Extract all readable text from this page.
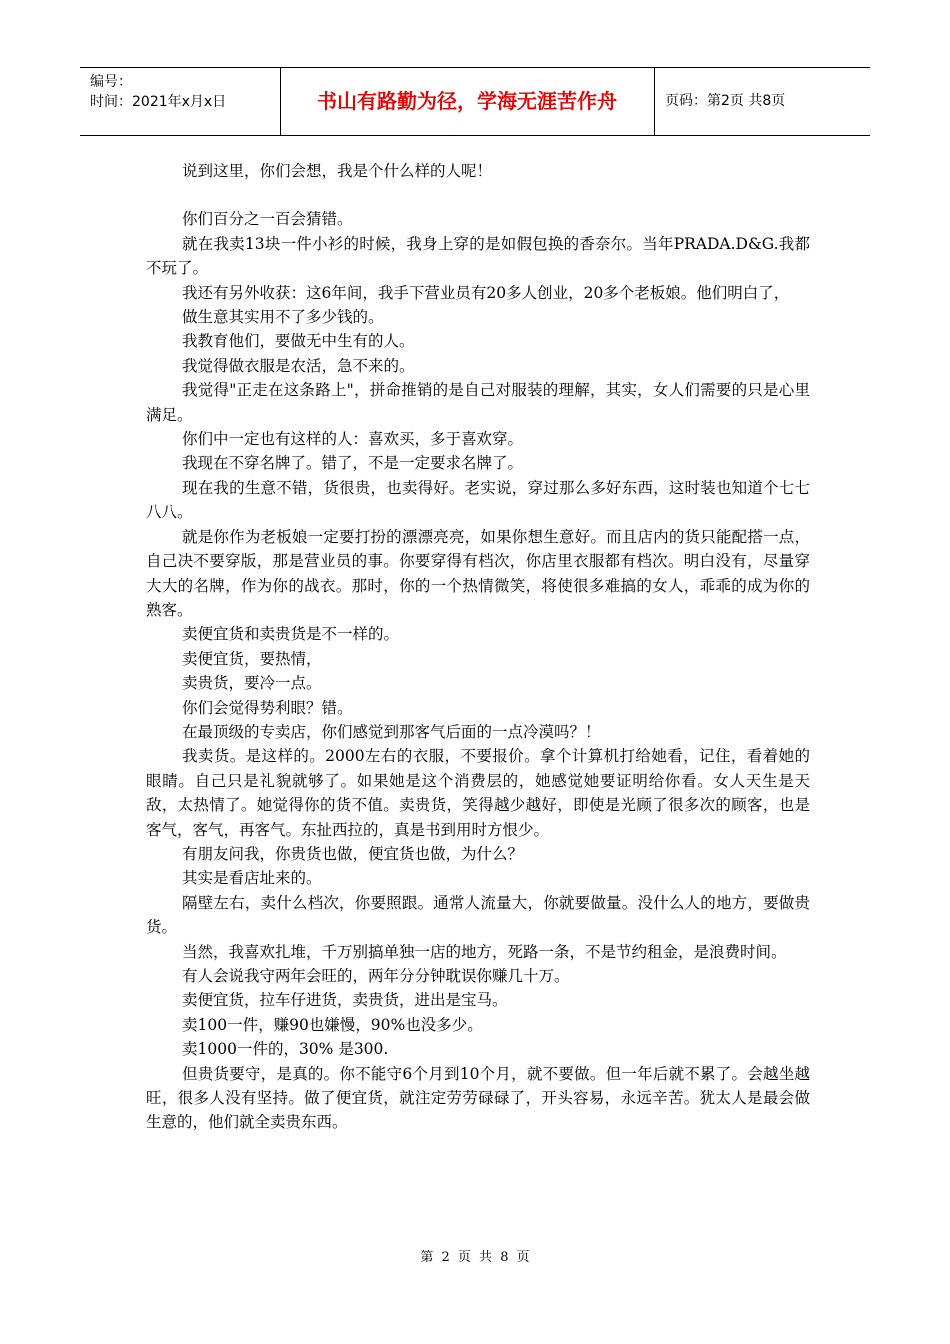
编号：
时间：2021年x月x日	书山有路勤为径，学海无涯苦作舟	页码：第2页 共8页

说到这里，你们会想，我是个什么样的人呢！

你们百分之一百会猜错。

就在我卖13块一件小衫的时候，我身上穿的是如假包换的香奈尔。当年PRADA.D&G.我都不玩了。

我还有另外收获：这6年间，我手下营业员有20多人创业，20多个老板娘。他们明白了，

做生意其实用不了多少钱的。

我教育他们，要做无中生有的人。

我觉得做衣服是农活，急不来的。

我觉得"正走在这条路上"，拼命推销的是自己对服装的理解，其实，女人们需要的只是心里满足。

你们中一定也有这样的人：喜欢买，多于喜欢穿。

我现在不穿名牌了。错了，不是一定要求名牌了。

现在我的生意不错，货很贵，也卖得好。老实说，穿过那么多好东西，这时装也知道个七七八八。

就是你作为老板娘一定要打扮的漂漂亮亮，如果你想生意好。而且店内的货只能配搭一点，自己决不要穿版，那是营业员的事。你要穿得有档次，你店里衣服都有档次。明白没有，尽量穿大大的名牌，作为你的战衣。那时，你的一个热情微笑，将使很多难搞的女人，乖乖的成为你的熟客。

卖便宜货和卖贵货是不一样的。

卖便宜货，要热情，

卖贵货，要冷一点。

你们会觉得势利眼？错。

在最顶级的专卖店，你们感觉到那客气后面的一点冷漠吗？！

我卖货。是这样的。2000左右的衣服，不要报价。拿个计算机打给她看，记住，看着她的眼睛。自己只是礼貌就够了。如果她是这个消费层的，她感觉她要证明给你看。女人天生是天敌，太热情了。她觉得你的货不值。卖贵货，笑得越少越好，即使是光顾了很多次的顾客，也是客气，客气，再客气。东扯西拉的，真是书到用时方恨少。

有朋友问我，你贵货也做，便宜货也做，为什么？

其实是看店址来的。

隔壁左右，卖什么档次，你要照跟。通常人流量大，你就要做量。没什么人的地方，要做贵货。

当然，我喜欢扎堆，千万别搞单独一店的地方，死路一条，不是节约租金，是浪费时间。

有人会说我守两年会旺的，两年分分钟耽误你赚几十万。

卖便宜货，拉车仔进货，卖贵货，进出是宝马。

卖100一件，赚90也嫌慢，90%也没多少。

卖1000一件的，30% 是300.

但贵货要守，是真的。你不能守6个月到10个月，就不要做。但一年后就不累了。会越坐越旺，很多人没有坚持。做了便宜货，就注定劳劳碌碌了，开头容易，永远辛苦。犹太人是最会做生意的，他们就全卖贵东西。

第 2 页 共 8 页
